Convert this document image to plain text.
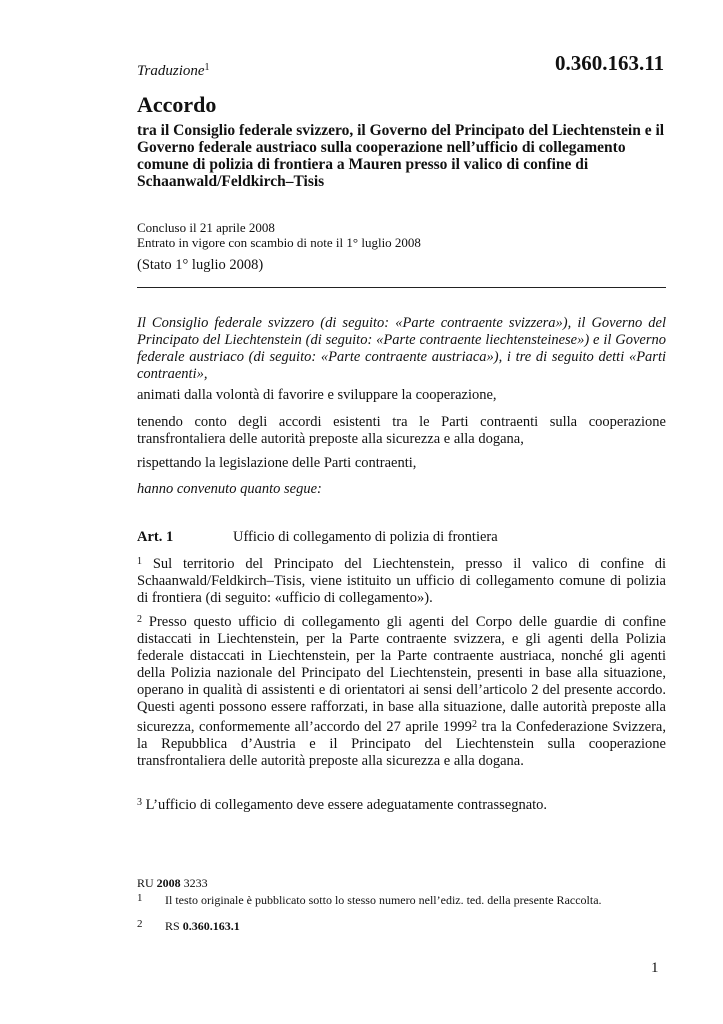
0.360.163.11
Traduzione$^1$
Accordo
tra il Consiglio federale svizzero, il Governo del Principato del Liechtenstein e il Governo federale austriaco sulla cooperazione nell’ufficio di collegamento comune di polizia di frontiera a Mauren presso il valico di confine di Schaanwald/Feldkirch–Tisis
Concluso il 21 aprile 2008
Entrato in vigore con scambio di note il 1° luglio 2008
(Stato 1° luglio 2008)
Il Consiglio federale svizzero (di seguito: «Parte contraente svizzera»), il Governo del Principato del Liechtenstein (di seguito: «Parte contraente liechtensteinese») e il Governo federale austriaco (di seguito: «Parte contraente austriaca»), i tre di seguito detti «Parti contraenti»,
animati dalla volontà di favorire e sviluppare la cooperazione,
tenendo conto degli accordi esistenti tra le Parti contraenti sulla cooperazione transfrontaliera delle autorità preposte alla sicurezza e alla dogana,
rispettando la legislazione delle Parti contraenti,
hanno convenuto quanto segue:
Art. 1	Ufficio di collegamento di polizia di frontiera
$^1$ Sul territorio del Principato del Liechtenstein, presso il valico di confine di Schaanwald/Feldkirch–Tisis, viene istituito un ufficio di collegamento comune di polizia di frontiera (di seguito: «ufficio di collegamento»).
$^2$ Presso questo ufficio di collegamento gli agenti del Corpo delle guardie di confine distaccati in Liechtenstein, per la Parte contraente svizzera, e gli agenti della Polizia federale distaccati in Liechtenstein, per la Parte contraente austriaca, nonché gli agenti della Polizia nazionale del Principato del Liechtenstein, presenti in base alla situazione, operano in qualità di assistenti e di orientatori ai sensi dell’articolo 2 del presente accordo. Questi agenti possono essere rafforzati, in base alla situazione, dalle autorità preposte alla sicurezza, conformemente all’accordo del 27 aprile 1999$^2$ tra la Confederazione Svizzera, la Repubblica d’Austria e il Principato del Liechtenstein sulla cooperazione transfrontaliera delle autorità preposte alla sicurezza e alla dogana.
$^3$ L’ufficio di collegamento deve essere adeguatamente contrassegnato.
RU 2008 3233
1 Il testo originale è pubblicato sotto lo stesso numero nell’ediz. ted. della presente Raccolta.
2 RS 0.360.163.1
1
